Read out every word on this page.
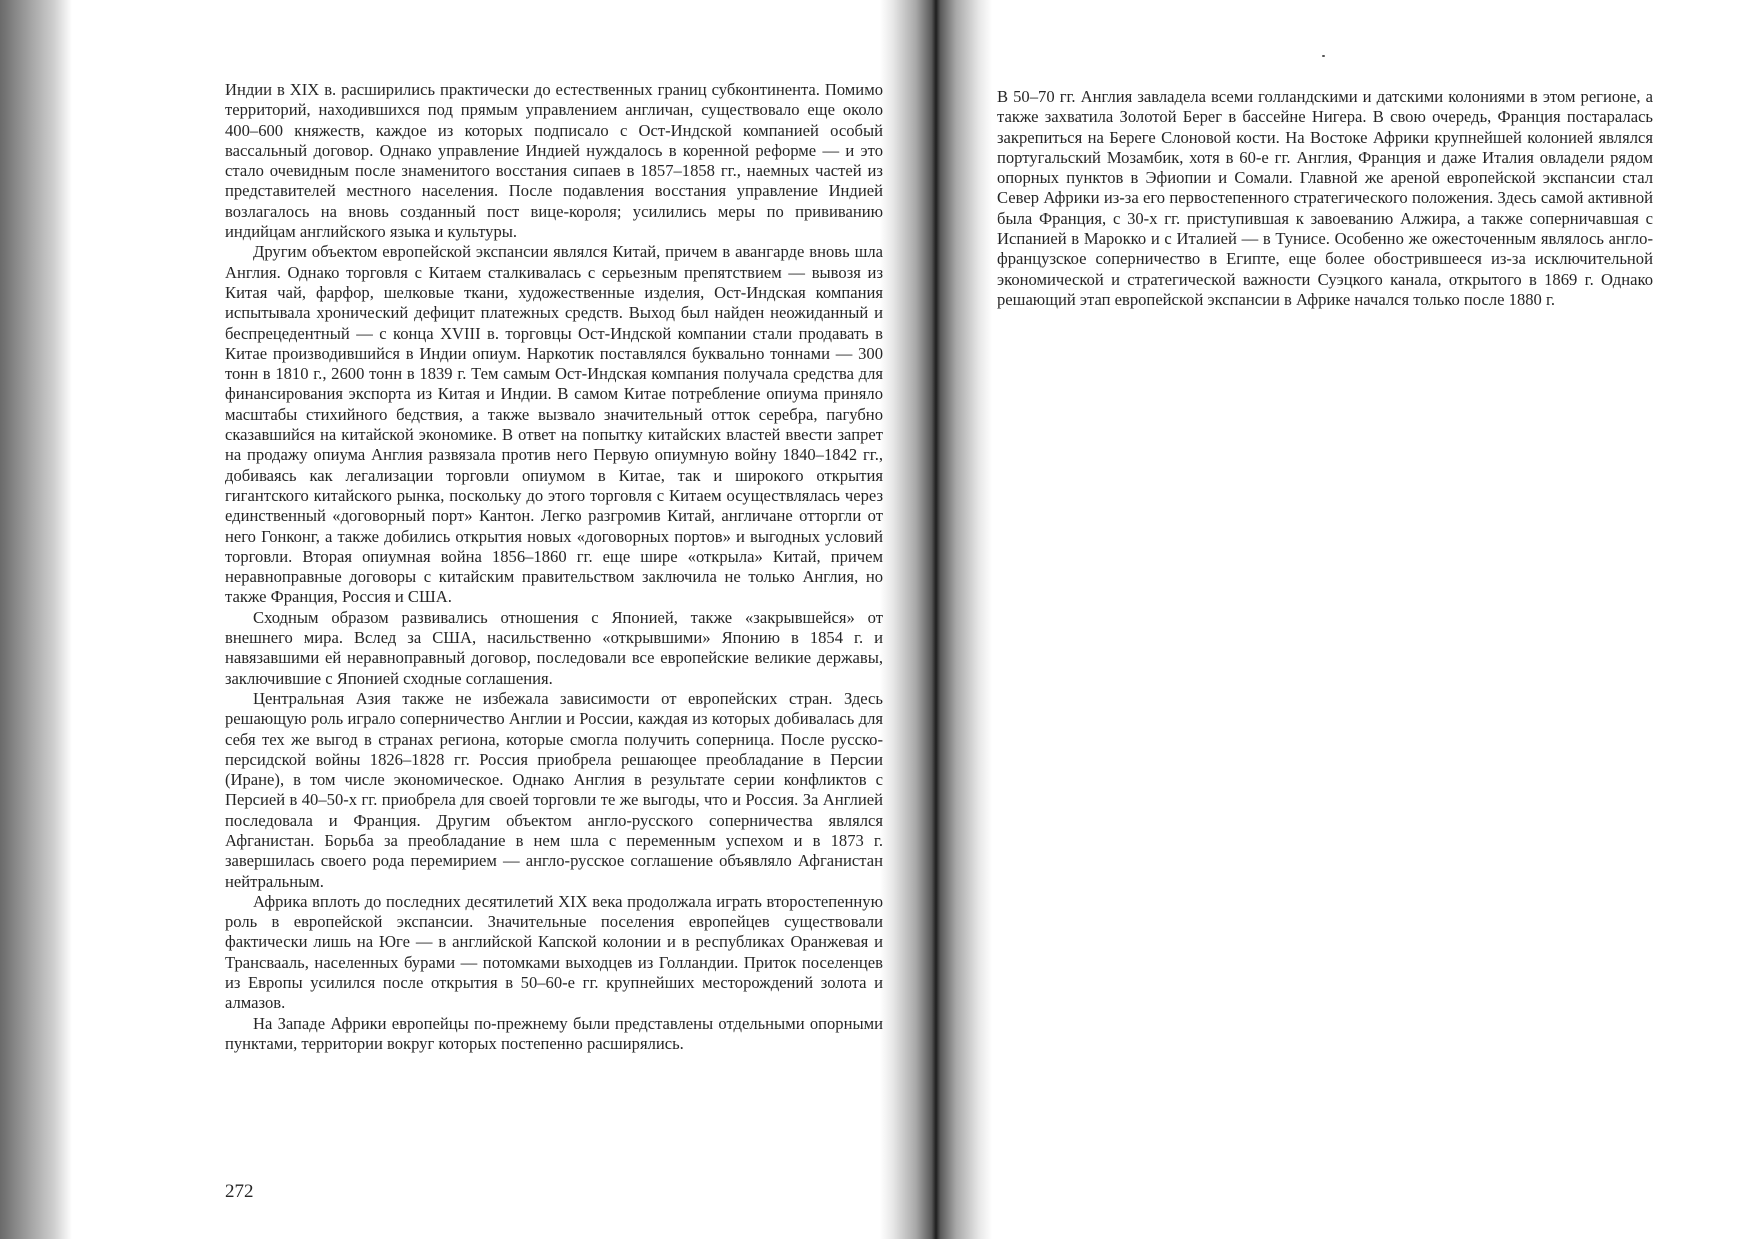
Индии в XIX в. расширились практически до естественных границ субконтинента. Помимо территорий, находившихся под прямым управлением англичан, существовало еще около 400–600 княжеств, каждое из которых подписало с Ост-Индской компанией особый вассальный договор. Однако управление Индией нуждалось в коренной реформе — и это стало очевидным после знаменитого восстания сипаев в 1857–1858 гг., наемных частей из представителей местного населения. После подавления восстания управление Индией возлагалось на вновь созданный пост вице-короля; усилились меры по прививанию индийцам английского языка и культуры.

Другим объектом европейской экспансии являлся Китай, причем в авангарде вновь шла Англия. Однако торговля с Китаем сталкивалась с серьезным препятствием — вывозя из Китая чай, фарфор, шелковые ткани, художественные изделия, Ост-Индская компания испытывала хронический дефицит платежных средств. Выход был найден неожиданный и беспрецедентный — с конца XVIII в. торговцы Ост-Индской компании стали продавать в Китае производившийся в Индии опиум. Наркотик поставлялся буквально тоннами — 300 тонн в 1810 г., 2600 тонн в 1839 г. Тем самым Ост-Индская компания получала средства для финансирования экспорта из Китая и Индии. В самом Китае потребление опиума приняло масштабы стихийного бедствия, а также вызвало значительный отток серебра, пагубно сказавшийся на китайской экономике. В ответ на попытку китайских властей ввести запрет на продажу опиума Англия развязала против него Первую опиумную войну 1840–1842 гг., добиваясь как легализации торговли опиумом в Китае, так и широкого открытия гигантского китайского рынка, поскольку до этого торговля с Китаем осуществлялась через единственный «договорный порт» Кантон. Легко разгромив Китай, англичане отторгли от него Гонконг, а также добились открытия новых «договорных портов» и выгодных условий торговли. Вторая опиумная война 1856–1860 гг. еще шире «открыла» Китай, причем неравноправные договоры с китайским правительством заключила не только Англия, но также Франция, Россия и США.

Сходным образом развивались отношения с Японией, также «закрывшейся» от внешнего мира. Вслед за США, насильственно «открывшими» Японию в 1854 г. и навязавшими ей неравноправный договор, последовали все европейские великие державы, заключившие с Японией сходные соглашения.

Центральная Азия также не избежала зависимости от европейских стран. Здесь решающую роль играло соперничество Англии и России, каждая из которых добивалась для себя тех же выгод в странах региона, которые смогла получить соперница. После русско-персидской войны 1826–1828 гг. Россия приобрела решающее преобладание в Персии (Иране), в том числе экономическое. Однако Англия в результате серии конфликтов с Персией в 40–50-х гг. приобрела для своей торговли те же выгоды, что и Россия. За Англией последовала и Франция. Другим объектом англо-русского соперничества являлся Афганистан. Борьба за преобладание в нем шла с переменным успехом и в 1873 г. завершилась своего рода перемирием — англо-русское соглашение объявляло Афганистан нейтральным.

Африка вплоть до последних десятилетий XIX века продолжала играть второстепенную роль в европейской экспансии. Значительные поселения европейцев существовали фактически лишь на Юге — в английской Капской колонии и в республиках Оранжевая и Трансвааль, населенных бурами — потомками выходцев из Голландии. Приток поселенцев из Европы усилился после открытия в 50–60-е гг. крупнейших месторождений золота и алмазов.

На Западе Африки европейцы по-прежнему были представлены отдельными опорными пунктами, территории вокруг которых постепенно расширялись.

272

В 50–70 гг. Англия завладела всеми голландскими и датскими колониями в этом регионе, а также захватила Золотой Берег в бассейне Нигера. В свою очередь, Франция постаралась закрепиться на Береге Слоновой кости. На Востоке Африки крупнейшей колонией являлся португальский Мозамбик, хотя в 60-е гг. Англия, Франция и даже Италия овладели рядом опорных пунктов в Эфиопии и Сомали. Главной же ареной европейской экспансии стал Север Африки из-за его первостепенного стратегического положения. Здесь самой активной была Франция, с 30-х гг. приступившая к завоеванию Алжира, а также соперничавшая с Испанией в Марокко и с Италией — в Тунисе. Особенно же ожесточенным являлось англо-французское соперничество в Египте, еще более обострившееся из-за исключительной экономической и стратегической важности Суэцкого канала, открытого в 1869 г. Однако решающий этап европейской экспансии в Африке начался только после 1880 г.
